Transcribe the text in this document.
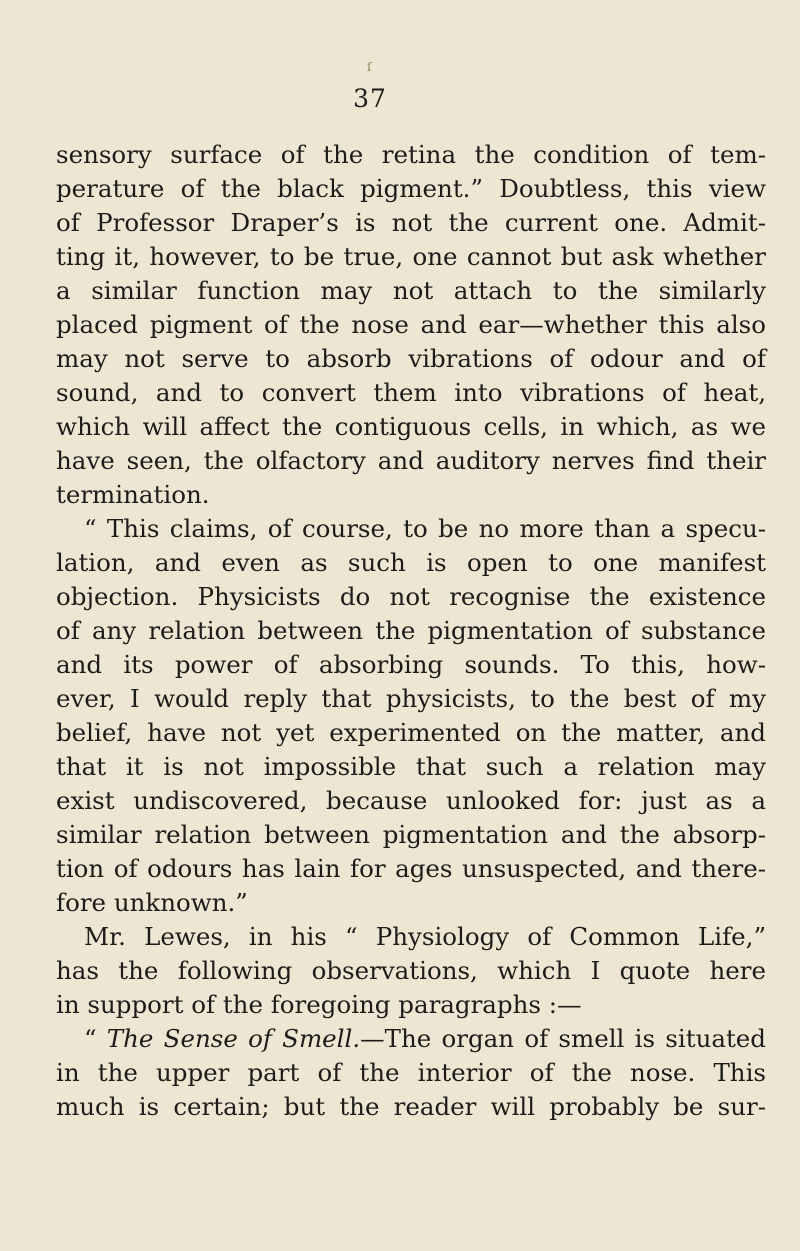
ſ
37
sensory surface of the retina the condition of tem-
perature of the black pigment.” Doubtless, this view
of Professor Draper’s is not the current one. Admit-
ting it, however, to be true, one cannot but ask whether
a similar function may not attach to the similarly
placed pigment of the nose and ear—whether this also
may not serve to absorb vibrations of odour and of
sound, and to convert them into vibrations of heat,
which will affect the contiguous cells, in which, as we
have seen, the olfactory and auditory nerves find their
termination.
“ This claims, of course, to be no more than a specu-
lation, and even as such is open to one manifest
objection. Physicists do not recognise the existence
of any relation between the pigmentation of substance
and its power of absorbing sounds. To this, how-
ever, I would reply that physicists, to the best of my
belief, have not yet experimented on the matter, and
that it is not impossible that such a relation may
exist undiscovered, because unlooked for: just as a
similar relation between pigmentation and the absorp-
tion of odours has lain for ages unsuspected, and there-
fore unknown.”
Mr. Lewes, in his “ Physiology of Common Life,”
has the following observations, which I quote here
in support of the foregoing paragraphs :—
“ The Sense of Smell.—The organ of smell is situated
in the upper part of the interior of the nose. This
much is certain; but the reader will probably be sur-
